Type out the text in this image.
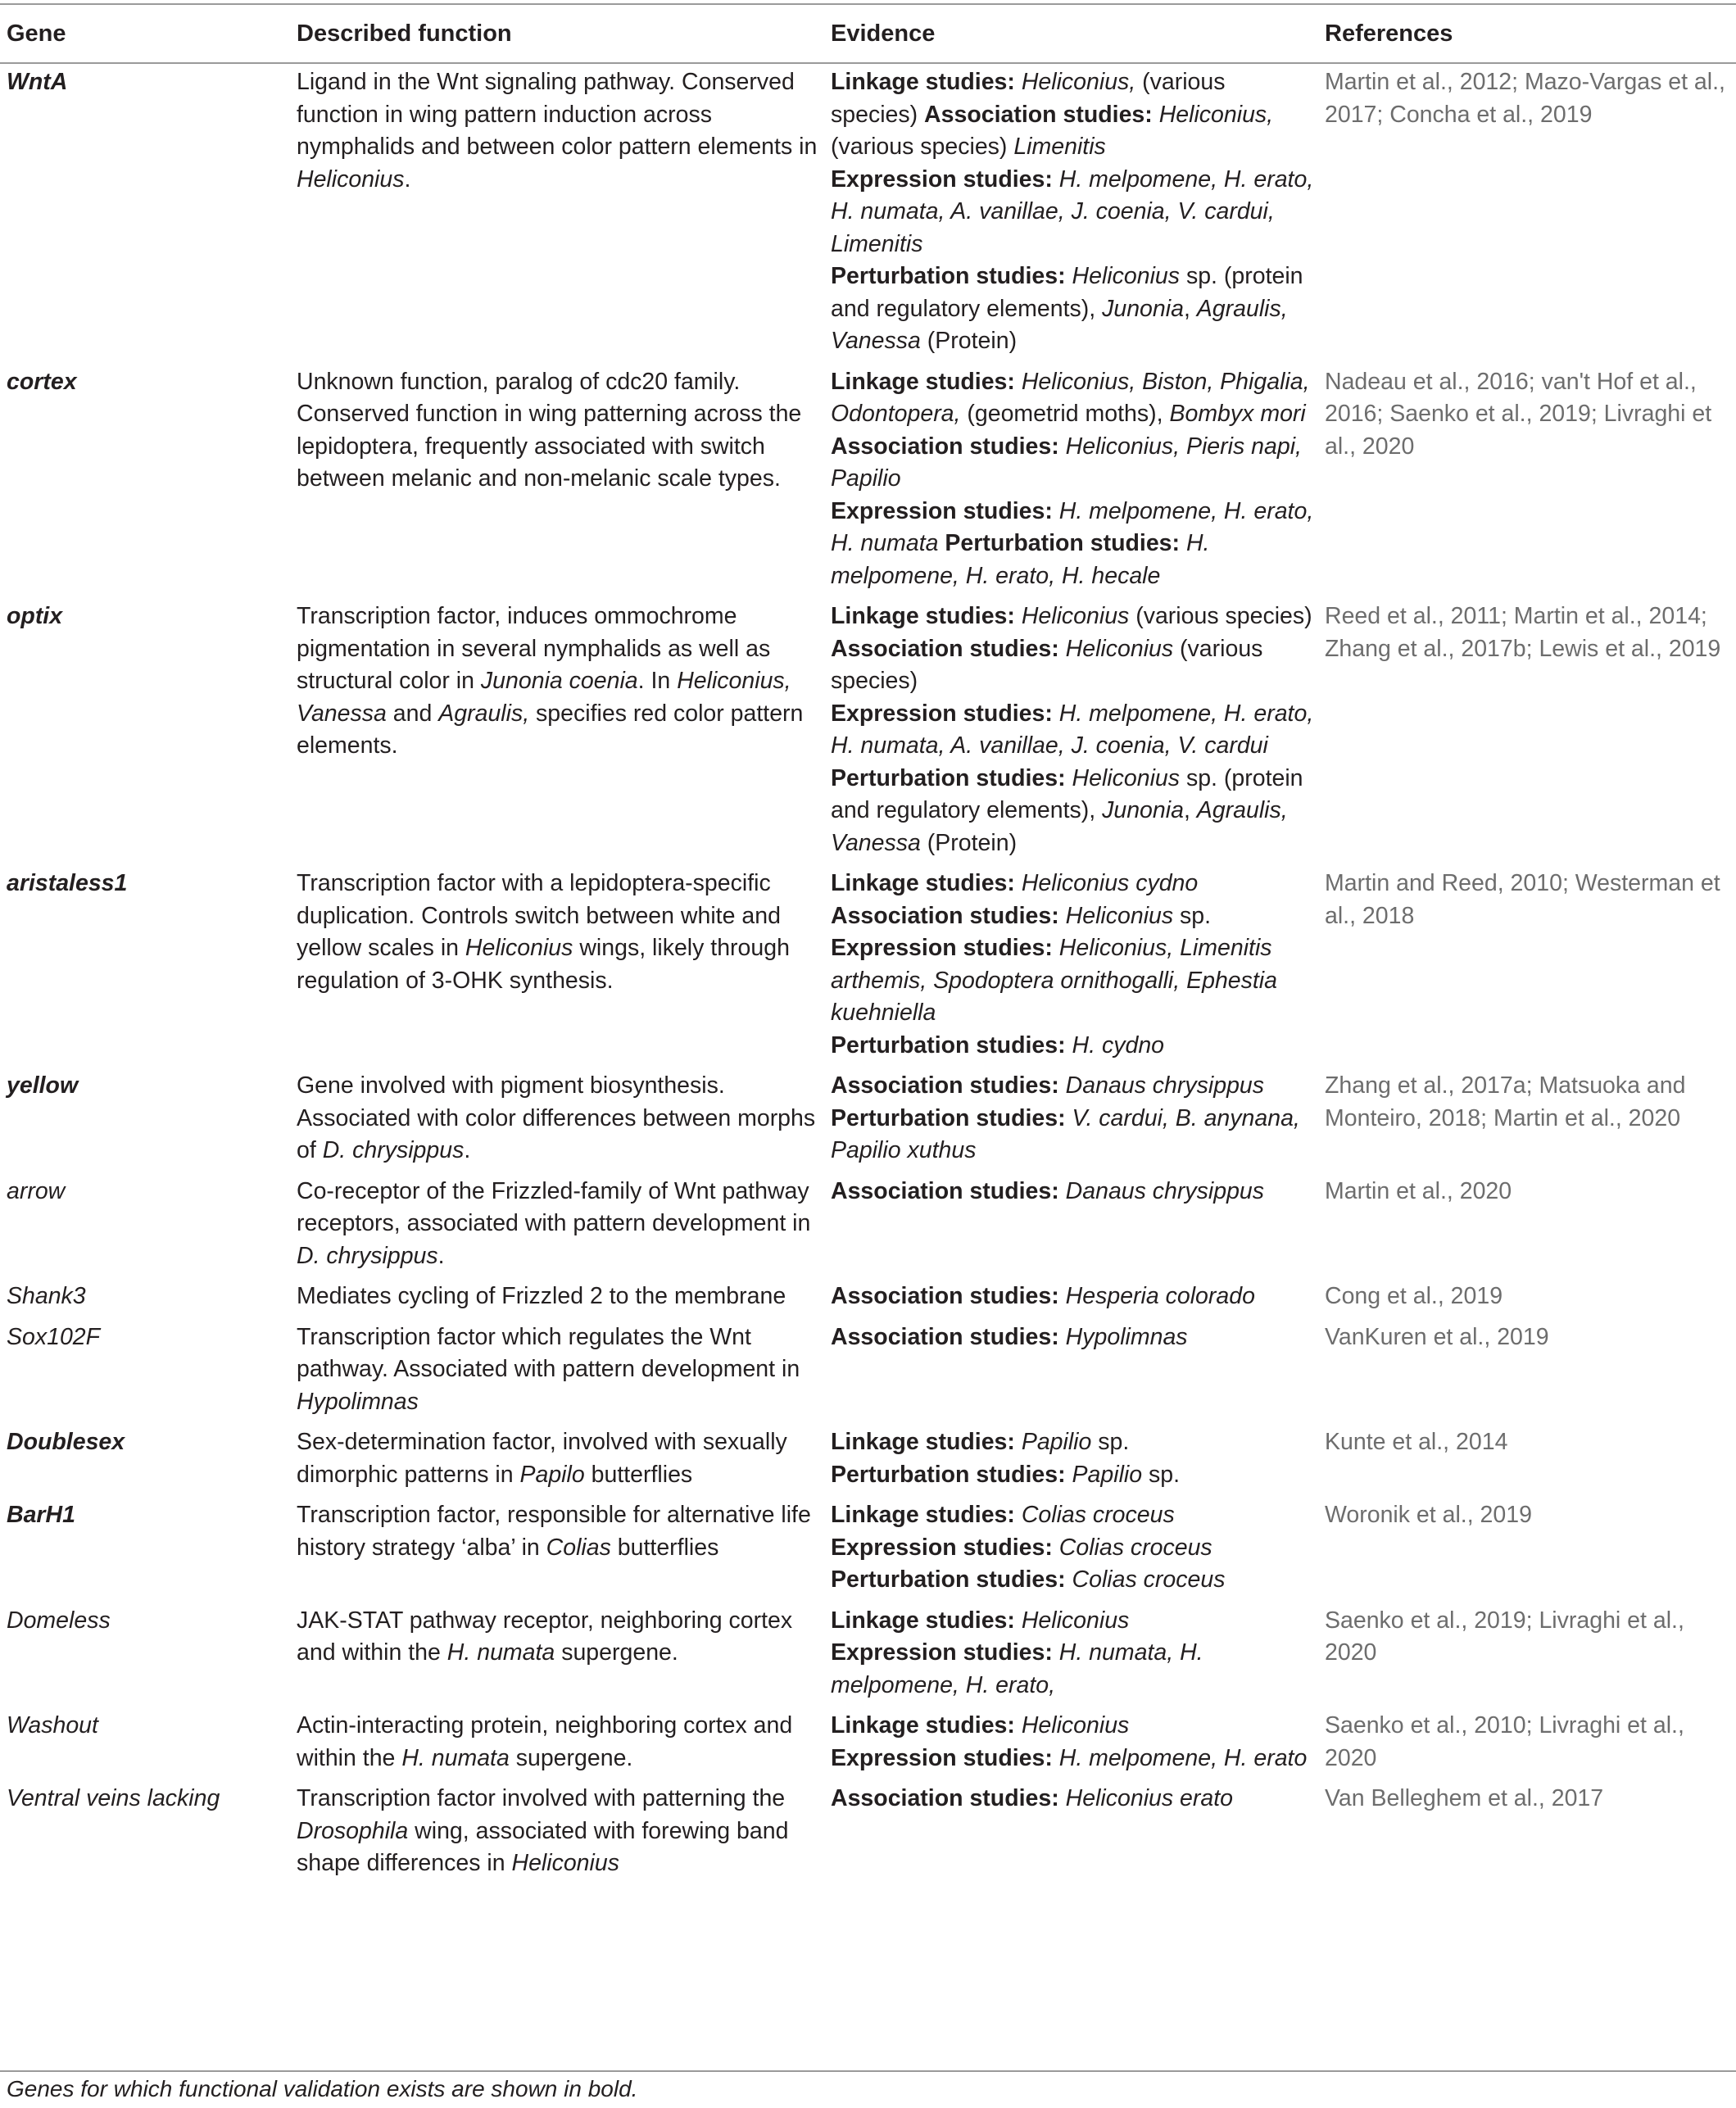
Gene	Described function	Evidence	References
WntA	Ligand in the Wnt signaling pathway. Conserved function in wing pattern induction across nymphalids and between color pattern elements in Heliconius.	Linkage studies: Heliconius, (various species) Association studies: Heliconius, (various species) Limenitis
Expression studies: H. melpomene, H. erato, H. numata, A. vanillae, J. coenia, V. cardui, Limenitis
Perturbation studies: Heliconius sp. (protein and regulatory elements), Junonia, Agraulis, Vanessa (Protein)	Martin et al., 2012; Mazo-Vargas et al., 2017; Concha et al., 2019
cortex	Unknown function, paralog of cdc20 family. Conserved function in wing patterning across the lepidoptera, frequently associated with switch between melanic and non-melanic scale types.	Linkage studies: Heliconius, Biston, Phigalia, Odontopera, (geometrid moths), Bombyx mori Association studies: Heliconius, Pieris napi, Papilio
Expression studies: H. melpomene, H. erato, H. numata Perturbation studies: H. melpomene, H. erato, H. hecale	Nadeau et al., 2016; van't Hof et al., 2016; Saenko et al., 2019; Livraghi et al., 2020
optix	Transcription factor, induces ommochrome pigmentation in several nymphalids as well as structural color in Junonia coenia. In Heliconius, Vanessa and Agraulis, specifies red color pattern elements.	Linkage studies: Heliconius (various species) Association studies: Heliconius (various species)
Expression studies: H. melpomene, H. erato, H. numata, A. vanillae, J. coenia, V. cardui
Perturbation studies: Heliconius sp. (protein and regulatory elements), Junonia, Agraulis, Vanessa (Protein)	Reed et al., 2011; Martin et al., 2014; Zhang et al., 2017b; Lewis et al., 2019
aristaless1	Transcription factor with a lepidoptera-specific duplication. Controls switch between white and yellow scales in Heliconius wings, likely through regulation of 3-OHK synthesis.	Linkage studies: Heliconius cydno
Association studies: Heliconius sp.
Expression studies: Heliconius, Limenitis arthemis, Spodoptera ornithogalli, Ephestia kuehniella
Perturbation studies: H. cydno	Martin and Reed, 2010; Westerman et al., 2018
yellow	Gene involved with pigment biosynthesis. Associated with color differences between morphs of D. chrysippus.	Association studies: Danaus chrysippus Perturbation studies: V. cardui, B. anynana, Papilio xuthus	Zhang et al., 2017a; Matsuoka and Monteiro, 2018; Martin et al., 2020
arrow	Co-receptor of the Frizzled-family of Wnt pathway receptors, associated with pattern development in D. chrysippus.	Association studies: Danaus chrysippus	Martin et al., 2020
Shank3	Mediates cycling of Frizzled 2 to the membrane	Association studies: Hesperia colorado	Cong et al., 2019
Sox102F	Transcription factor which regulates the Wnt pathway. Associated with pattern development in Hypolimnas	Association studies: Hypolimnas	VanKuren et al., 2019
Doublesex	Sex-determination factor, involved with sexually dimorphic patterns in Papilo butterflies	Linkage studies: Papilio sp.
Perturbation studies: Papilio sp.	Kunte et al., 2014
BarH1	Transcription factor, responsible for alternative life history strategy ‘alba’ in Colias butterflies	Linkage studies: Colias croceus
Expression studies: Colias croceus
Perturbation studies: Colias croceus	Woronik et al., 2019
Domeless	JAK-STAT pathway receptor, neighboring cortex and within the H. numata supergene.	Linkage studies: Heliconius
Expression studies: H. numata, H. melpomene, H. erato,	Saenko et al., 2019; Livraghi et al., 2020
Washout	Actin-interacting protein, neighboring cortex and within the H. numata supergene.	Linkage studies: Heliconius
Expression studies: H. melpomene, H. erato	Saenko et al., 2010; Livraghi et al., 2020
Ventral veins lacking	Transcription factor involved with patterning the Drosophila wing, associated with forewing band shape differences in Heliconius	Association studies: Heliconius erato	Van Belleghem et al., 2017
Genes for which functional validation exists are shown in bold.
